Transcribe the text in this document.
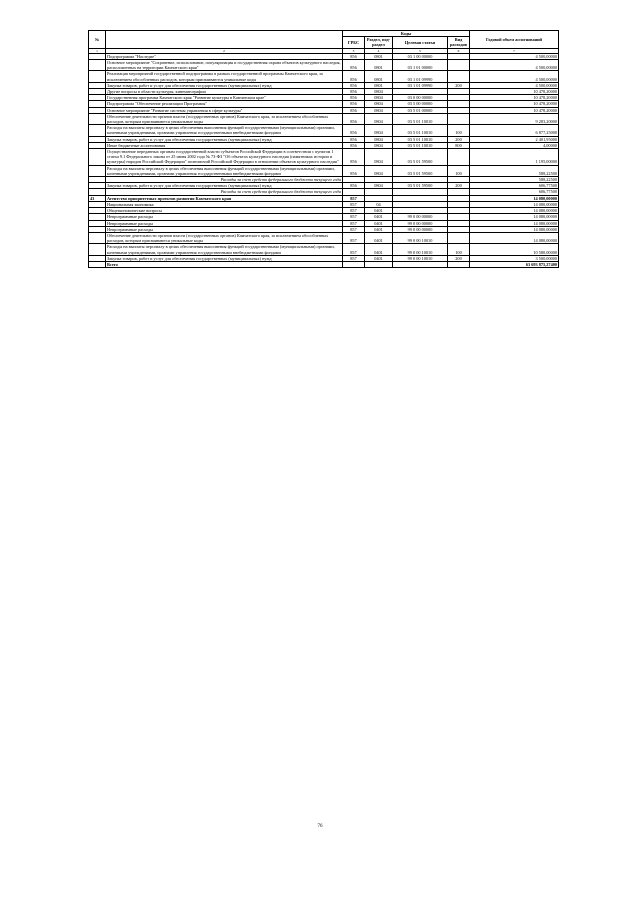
№		Коды				Годовой объем ассигнований
		ГРБС	Раздел, под-раздел	Целевая статья	Вид расходов	
1	2	3	4	5	6	7
	Подпрограмма "Наследие"	856	0801	03 1 00 00000		4 500,00000
	Основное мероприятие "Сохранение, использование, популяризация и государственная охрана объектов культурного наследия, расположенных на территории Камчатского края"	856	0801	03 1 01 00000		4 500,00000
	Реализация мероприятий государственной подпрограммы в рамках государственной программы Камчатского края, за исключением обособленных расходов, которым присваиваются уникальные коды	856	0801	03 1 01 09990		4 500,00000
	Закупка товаров, работ и услуг для обеспечения государственных (муниципальных) нужд	856	0801	03 1 01 09990	200	4 500,00000
	Другие вопросы в области культуры, кинематографии	856	0804			10 478,20000
	Государственная программа Камчатского края "Развитие культуры в Камчатском крае"	856	0804	03 0 00 00000		10 478,20000
	Подпрограмма "Обеспечение реализации Программы"	856	0804	03 5 00 00000		10 478,20000
	Основное мероприятие "Развитие системы управления в сфере культуры"	856	0804	03 5 01 00000		10 478,20000
	Обеспечение деятельности органов власти (государственных органов) Камчатского края, за исключением обособленных расходов, которым присваиваются уникальные коды	856	0804	03 5 01 10010		9 283,20000
	Расходы на выплаты персоналу в целях обеспечения выполнения функций государственными (муниципальными) органами, казенными учреждениями, органами управления государственными внебюджетными фондами	856	0804	03 5 01 10010	100	6 877,25000
	Закупка товаров, работ и услуг для обеспечения государственных (муниципальных) нужд	856	0804	03 5 01 10010	200	2 401,95000
	Иные бюджетные ассигнования	856	0804	03 5 01 10010	800	4,00000
	Осуществление переданных органам государственной власти субъектов Российской Федерации в соответствии с пунктом 1 статьи 9.1 Федерального закона от 25 июня 2002 года № 73-ФЗ "Об объектах культурного наследия (памятниках истории и культуры) народов Российской Федерации" полномочий Российской Федерации в отношении объектов культурного наследия"	856	0804	03 5 01 59500		1 195,00000
	Расходы на выплаты персоналу в целях обеспечения выполнения функций государственными (муниципальными) органами, казенными учреждениями, органами управления государственными внебюджетными фондами	856	0804	03 5 01 59500	100	588,22500
	Расходы за счет средств федерального бюджета текущего года					588,22500
	Закупка товаров, работ и услуг для обеспечения государственных (муниципальных) нужд	856	0804	03 5 01 59500	200	606,77500
	Расходы за счет средств федерального бюджета текущего года					606,77500
43	Агентство приоритетных проектов развития Камчатского края	857				14 080,00000
	Национальная экономика	857	04			14 080,00000
	Общеэкономические вопросы	857	0401			14 080,00000
	Непрограммные расходы	857	0401	99 0 00 00000		14 080,00000
	Непрограммные расходы	857	0401	99 0 00 00000		14 080,00000
	Непрограммные расходы	857	0401	99 0 00 00000		14 080,00000
	Обеспечение деятельности органов власти (государственных органов) Камчатского края, за исключением обособленных расходов, которым присваиваются уникальные коды	857	0401	99 0 00 10010		14 080,00000
	Расходы на выплаты персоналу в целях обеспечения выполнения функций государственными (муниципальными) органами, казенными учреждениями, органами управления государственными внебюджетными фондами	857	0401	99 0 00 10010	100	10 580,00000
	Закупка товаров, работ и услуг для обеспечения государственных (муниципальных) нужд	857	0401	99 0 00 10010	200	3 500,00000
	Всего					63 693 875,27400
76
